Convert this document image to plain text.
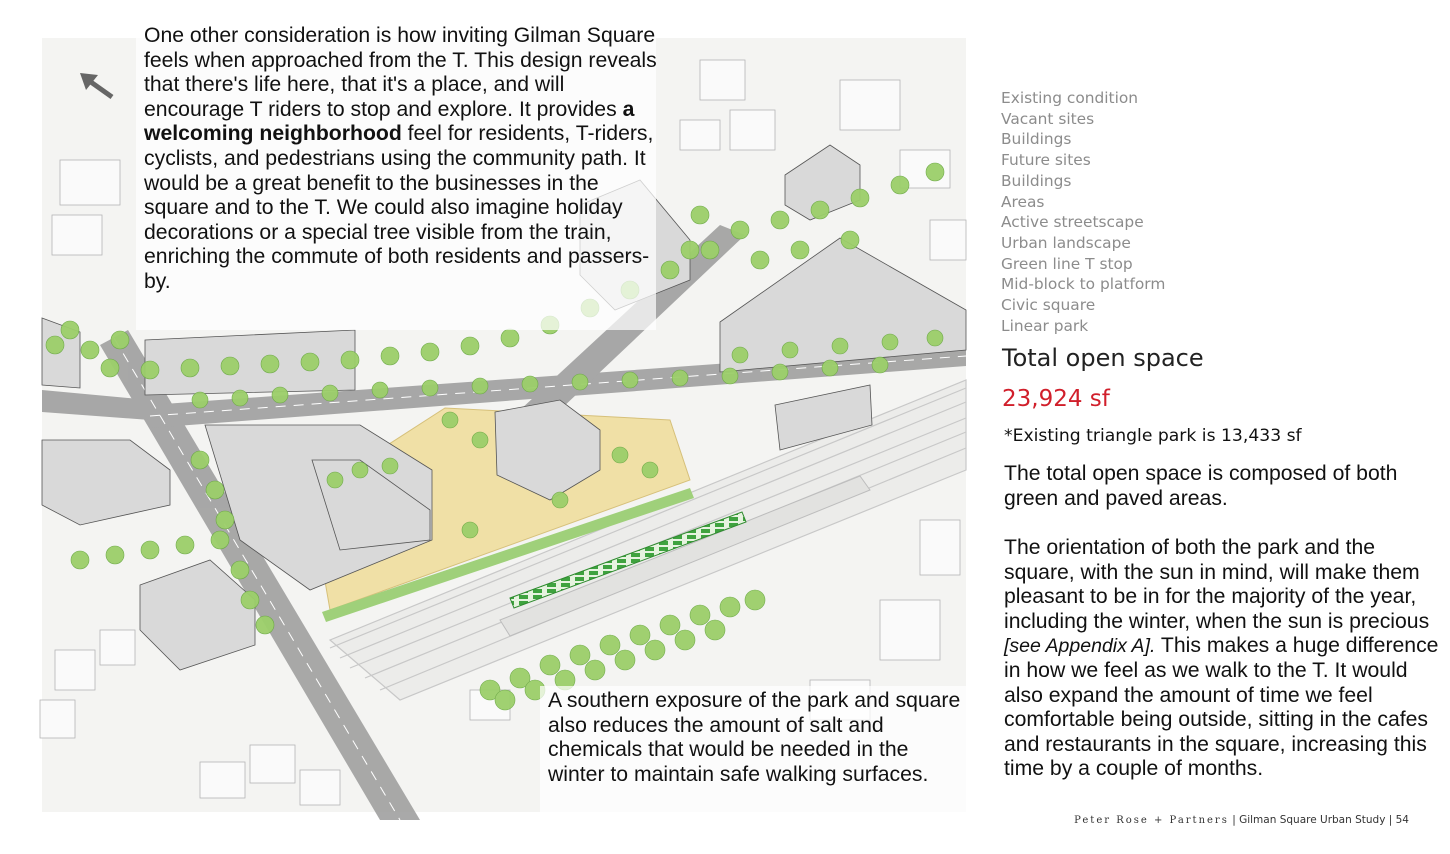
One other consideration is how inviting Gilman Square feels when approached from the T. This design reveals that there's life here, that it's a place, and will encourage T riders to stop and explore. It provides a welcoming neighborhood feel for residents, T-riders, cyclists, and pedestrians using the community path. It would be a great benefit to the businesses in the square and to the T. We could also imagine holiday decorations or a special tree visible from the train, enriching the commute of both residents and passers-by.

A southern exposure of the park and square also reduces the amount of salt and chemicals that would be needed in the winter to maintain safe walking surfaces.

Existing condition
Vacant sites
Buildings
Future sites
Buildings
Areas
Active streetscape
Urban landscape
Green line T stop
Mid-block to platform
Civic square
Linear park
Total open space
23,924 sf
*Existing triangle park is 13,433 sf

The total open space is composed of both green and paved areas.

The orientation of both the park and the square, with the sun in mind, will make them pleasant to be in for the majority of the year, including the winter, when the sun is precious [see Appendix A]. This makes a huge difference in how we feel as we walk to the T. It would also expand the amount of time we feel comfortable being outside, sitting in the cafes and restaurants in the square, increasing this time by a couple of months.

Peter Rose + Partners | Gilman Square Urban Study | 54
